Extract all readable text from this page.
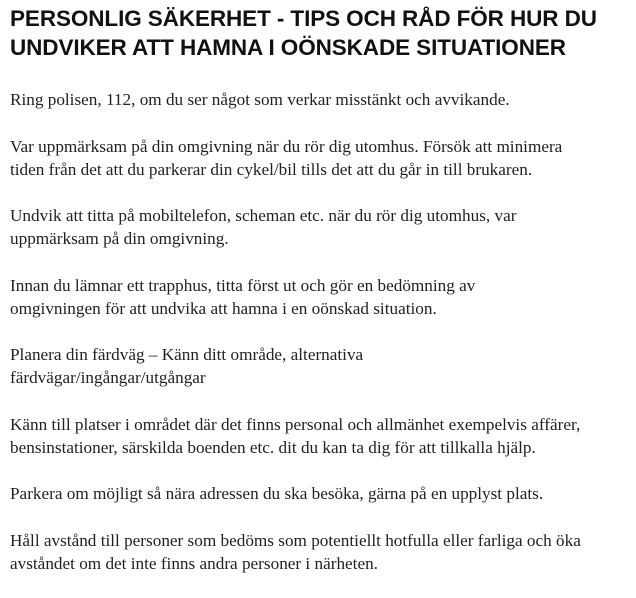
PERSONLIG SÄKERHET - TIPS OCH RÅD FÖR HUR DU UNDVIKER ATT HAMNA I OÖNSKADE SITUATIONER

Ring polisen, 112, om du ser något som verkar misstänkt och avvikande.

Var uppmärksam på din omgivning när du rör dig utomhus. Försök att minimera tiden från det att du parkerar din cykel/bil tills det att du går in till brukaren.

Undvik att titta på mobiltelefon, scheman etc. när du rör dig utomhus, var uppmärksam på din omgivning.

Innan du lämnar ett trapphus, titta först ut och gör en bedömning av omgivningen för att undvika att hamna i en oönskad situation.

Planera din färdväg – Känn ditt område, alternativa färdvägar/ingångar/utgångar

Känn till platser i området där det finns personal och allmänhet exempelvis affärer, bensinstationer, särskilda boenden etc. dit du kan ta dig för att tillkalla hjälp.

Parkera om möjligt så nära adressen du ska besöka, gärna på en upplyst plats.

Håll avstånd till personer som bedöms som potentiellt hotfulla eller farliga och öka avståndet om det inte finns andra personer i närheten.
